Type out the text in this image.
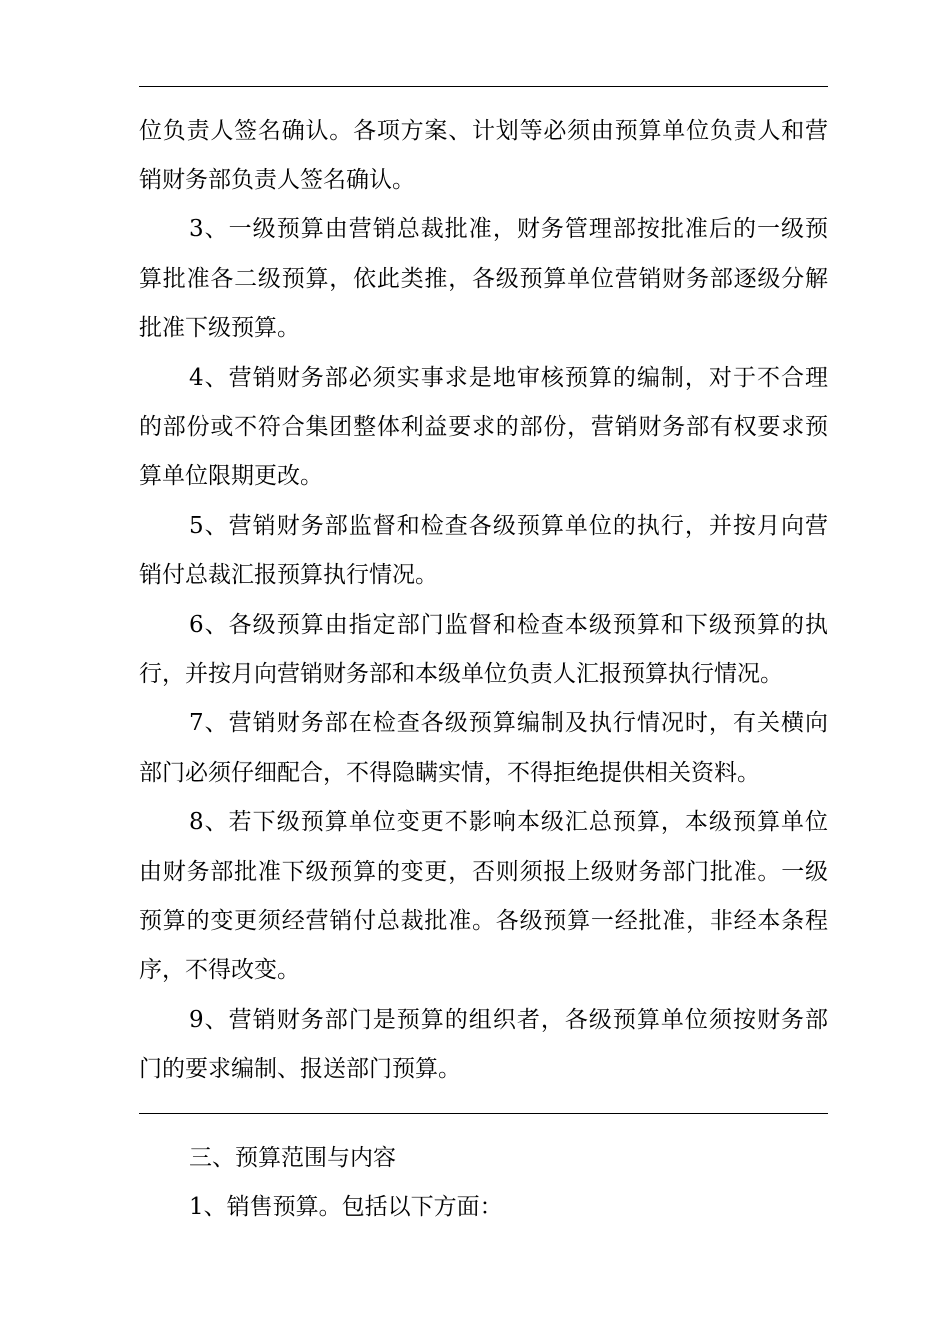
位负责人签名确认。各项方案、计划等必须由预算单位负责人和营
销财务部负责人签名确认。
3、一级预算由营销总裁批准，财务管理部按批准后的一级预
算批准各二级预算，依此类推，各级预算单位营销财务部逐级分解
批准下级预算。
4、营销财务部必须实事求是地审核预算的编制，对于不合理
的部份或不符合集团整体利益要求的部份，营销财务部有权要求预
算单位限期更改。
5、营销财务部监督和检查各级预算单位的执行，并按月向营
销付总裁汇报预算执行情况。
6、各级预算由指定部门监督和检查本级预算和下级预算的执
行，并按月向营销财务部和本级单位负责人汇报预算执行情况。
7、营销财务部在检查各级预算编制及执行情况时，有关横向
部门必须仔细配合，不得隐瞒实情，不得拒绝提供相关资料。
8、若下级预算单位变更不影响本级汇总预算，本级预算单位
由财务部批准下级预算的变更，否则须报上级财务部门批准。一级
预算的变更须经营销付总裁批准。各级预算一经批准，非经本条程
序，不得改变。
9、营销财务部门是预算的组织者，各级预算单位须按财务部
门的要求编制、报送部门预算。
三、预算范围与内容
1、销售预算。包括以下方面：
